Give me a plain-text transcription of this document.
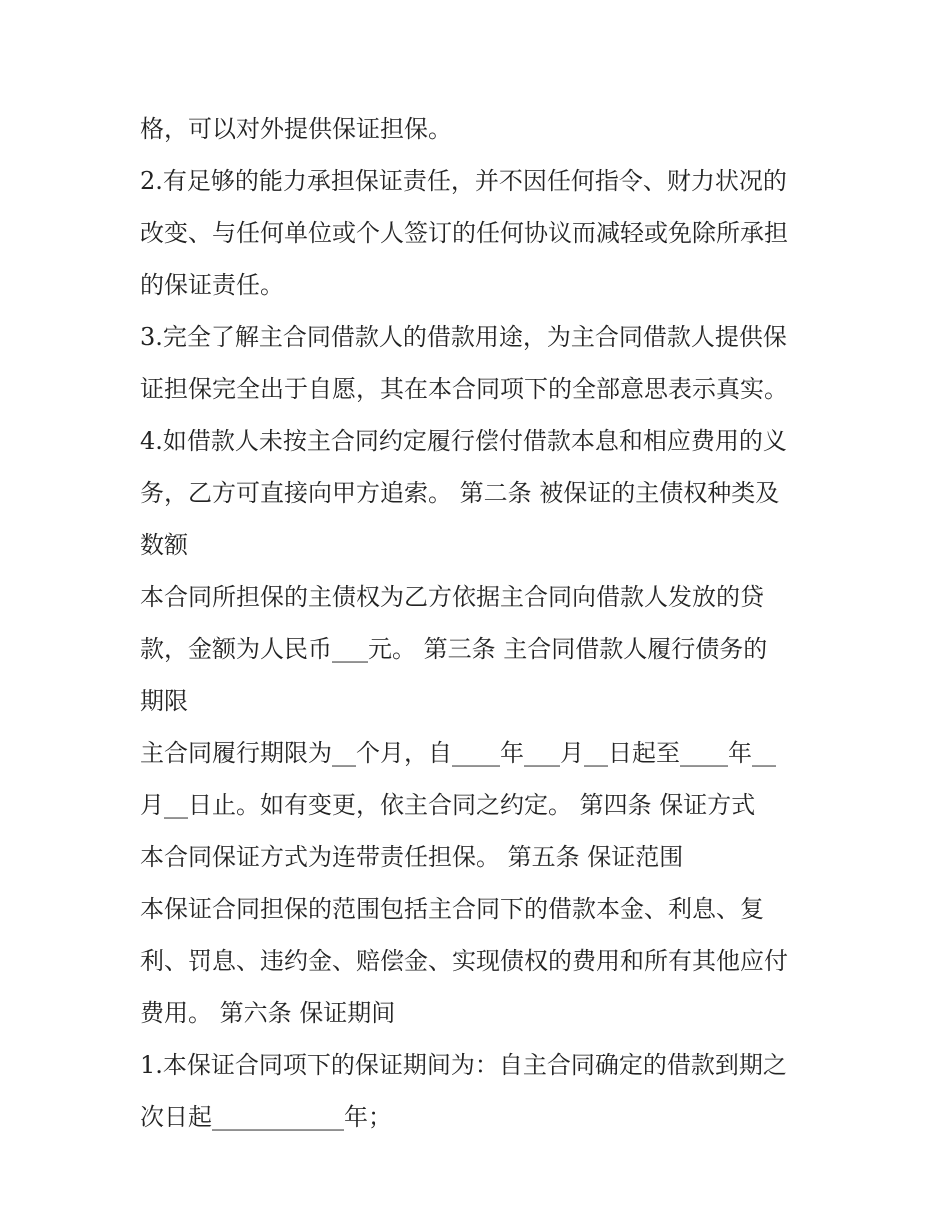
格，可以对外提供保证担保。

2.有足够的能力承担保证责任，并不因任何指令、财力状况的

改变、与任何单位或个人签订的任何协议而减轻或免除所承担

的保证责任。

3.完全了解主合同借款人的借款用途，为主合同借款人提供保

证担保完全出于自愿，其在本合同项下的全部意思表示真实。

4.如借款人未按主合同约定履行偿付借款本息和相应费用的义

务，乙方可直接向甲方追索。 第二条 被保证的主债权种类及

数额

本合同所担保的主债权为乙方依据主合同向借款人发放的贷

款，金额为人民币___元。 第三条 主合同借款人履行债务的

期限

主合同履行期限为__个月，自____年___月__日起至____年__

月__日止。如有变更，依主合同之约定。 第四条 保证方式

本合同保证方式为连带责任担保。 第五条 保证范围

本保证合同担保的范围包括主合同下的借款本金、利息、复

利、罚息、违约金、赔偿金、实现债权的费用和所有其他应付

费用。 第六条 保证期间

1.本保证合同项下的保证期间为：自主合同确定的借款到期之

次日起___________年；
